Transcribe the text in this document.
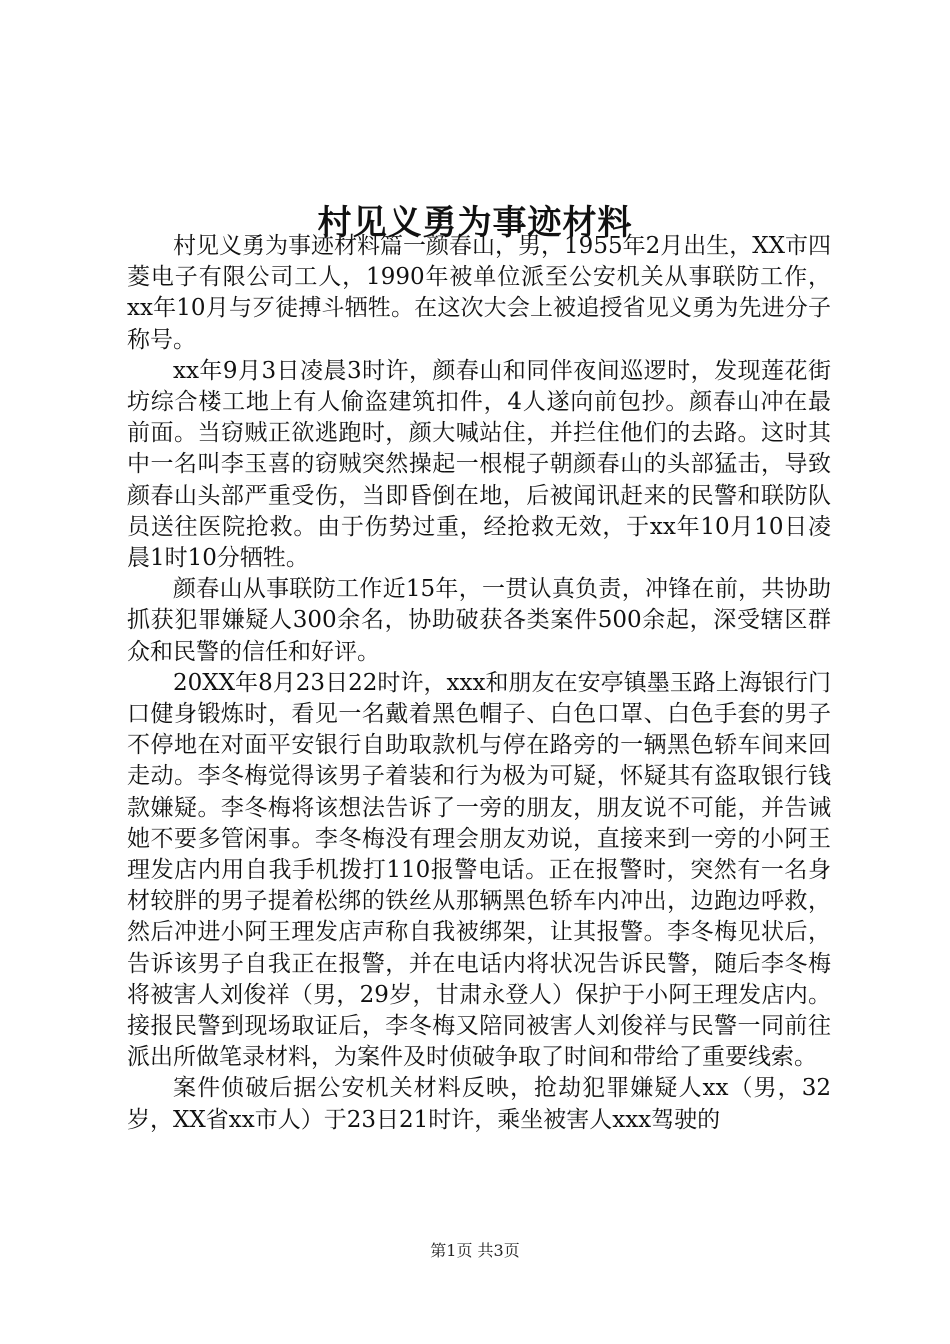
村见义勇为事迹材料

村见义勇为事迹材料篇一颜春山，男，1955年2月出生，XX市四菱电子有限公司工人，1990年被单位派至公安机关从事联防工作，xx年10月与歹徒搏斗牺牲。在这次大会上被追授省见义勇为先进分子称号。

xx年9月3日凌晨3时许，颜春山和同伴夜间巡逻时，发现莲花街坊综合楼工地上有人偷盗建筑扣件，4人遂向前包抄。颜春山冲在最前面。当窃贼正欲逃跑时，颜大喊站住，并拦住他们的去路。这时其中一名叫李玉喜的窃贼突然操起一根棍子朝颜春山的头部猛击，导致颜春山头部严重受伤，当即昏倒在地，后被闻讯赶来的民警和联防队员送往医院抢救。由于伤势过重，经抢救无效，于xx年10月10日凌晨1时10分牺牲。

颜春山从事联防工作近15年，一贯认真负责，冲锋在前，共协助抓获犯罪嫌疑人300余名，协助破获各类案件500余起，深受辖区群众和民警的信任和好评。

20XX年8月23日22时许，xxx和朋友在安亭镇墨玉路上海银行门口健身锻炼时，看见一名戴着黑色帽子、白色口罩、白色手套的男子不停地在对面平安银行自助取款机与停在路旁的一辆黑色轿车间来回走动。李冬梅觉得该男子着装和行为极为可疑，怀疑其有盗取银行钱款嫌疑。李冬梅将该想法告诉了一旁的朋友，朋友说不可能，并告诫她不要多管闲事。李冬梅没有理会朋友劝说，直接来到一旁的小阿王理发店内用自我手机拨打110报警电话。正在报警时，突然有一名身材较胖的男子提着松绑的铁丝从那辆黑色轿车内冲出，边跑边呼救，然后冲进小阿王理发店声称自我被绑架，让其报警。李冬梅见状后，告诉该男子自我正在报警，并在电话内将状况告诉民警，随后李冬梅将被害人刘俊祥（男，29岁，甘肃永登人）保护于小阿王理发店内。接报民警到现场取证后，李冬梅又陪同被害人刘俊祥与民警一同前往派出所做笔录材料，为案件及时侦破争取了时间和带给了重要线索。

案件侦破后据公安机关材料反映，抢劫犯罪嫌疑人xx（男，32岁，XX省xx市人）于23日21时许，乘坐被害人xxx驾驶的

第1页 共3页
